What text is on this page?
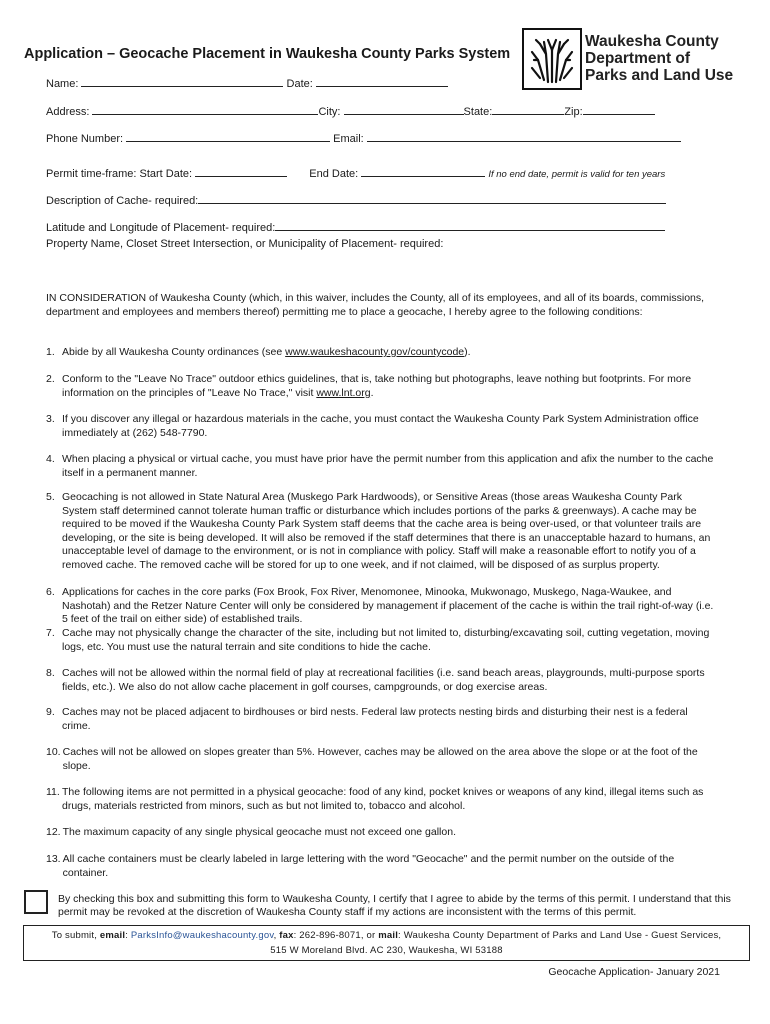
Application – Geocache Placement in Waukesha County Parks System
Waukesha County
Department of
Parks and Land Use
Name:	Date:
Address:	City:	State:	Zip:
Phone Number:	Email:
Permit time-frame: Start Date:	End Date:	If no end date, permit is valid for ten years
Description of Cache- required:
Latitude and Longitude of Placement- required:
Property Name, Closet Street Intersection, or Municipality of Placement- required:
IN CONSIDERATION of Waukesha County (which, in this waiver, includes the County, all of its employees, and all of its boards, commissions, department and employees and members thereof) permitting me to place a geocache, I hereby agree to the following conditions:
1. Abide by all Waukesha County ordinances (see www.waukeshacounty.gov/countycode).
2. Conform to the "Leave No Trace" outdoor ethics guidelines, that is, take nothing but photographs, leave nothing but footprints. For more information on the principles of "Leave No Trace," visit www.lnt.org.
3. If you discover any illegal or hazardous materials in the cache, you must contact the Waukesha County Park System Administration office immediately at (262) 548-7790.
4. When placing a physical or virtual cache, you must have prior have the permit number from this application and afix the number to the cache itself in a permanent manner.
5. Geocaching is not allowed in State Natural Area (Muskego Park Hardwoods), or Sensitive Areas (those areas Waukesha County Park System staff determined cannot tolerate human traffic or disturbance which includes portions of the parks & greenways). A cache may be required to be moved if the Waukesha County Park System staff deems that the cache area is being over-used, or that volunteer trails are developing, or the site is being developed. It will also be removed if the staff determines that there is an unacceptable hazard to humans, an unacceptable level of damage to the environment, or is not in compliance with policy. Staff will make a reasonable effort to notify you of a removed cache. The removed cache will be stored for up to one week, and if not claimed, will be disposed of as surplus property.
6. Applications for caches in the core parks (Fox Brook, Fox River, Menomonee, Minooka, Mukwonago, Muskego, Naga-Waukee, and Nashotah) and the Retzer Nature Center will only be considered by management if placement of the cache is within the trail right-of-way (i.e. 5 feet of the trail on either side) of established trails.
7. Cache may not physically change the character of the site, including but not limited to, disturbing/excavating soil, cutting vegetation, moving logs, etc. You must use the natural terrain and site conditions to hide the cache.
8. Caches will not be allowed within the normal field of play at recreational facilities (i.e. sand beach areas, playgrounds, multi-purpose sports fields, etc.). We also do not allow cache placement in golf courses, campgrounds, or dog exercise areas.
9. Caches may not be placed adjacent to birdhouses or bird nests. Federal law protects nesting birds and disturbing their nest is a federal crime.
10. Caches will not be allowed on slopes greater than 5%. However, caches may be allowed on the area above the slope or at the foot of the slope.
11. The following items are not permitted in a physical geocache: food of any kind, pocket knives or weapons of any kind, illegal items such as drugs, materials restricted from minors, such as but not limited to, tobacco and alcohol.
12. The maximum capacity of any single physical geocache must not exceed one gallon.
13. All cache containers must be clearly labeled in large lettering with the word "Geocache" and the permit number on the outside of the container.
By checking this box and submitting this form to Waukesha County, I certify that I agree to abide by the terms of this permit. I understand that this permit may be revoked at the discretion of Waukesha County staff if my actions are inconsistent with the terms of this permit.
To submit, email: ParksInfo@waukeshacounty.gov, fax: 262-896-8071, or mail: Waukesha County Department of Parks and Land Use - Guest Services,
515 W Moreland Blvd. AC 230, Waukesha, WI 53188
Geocache Application- January 2021
